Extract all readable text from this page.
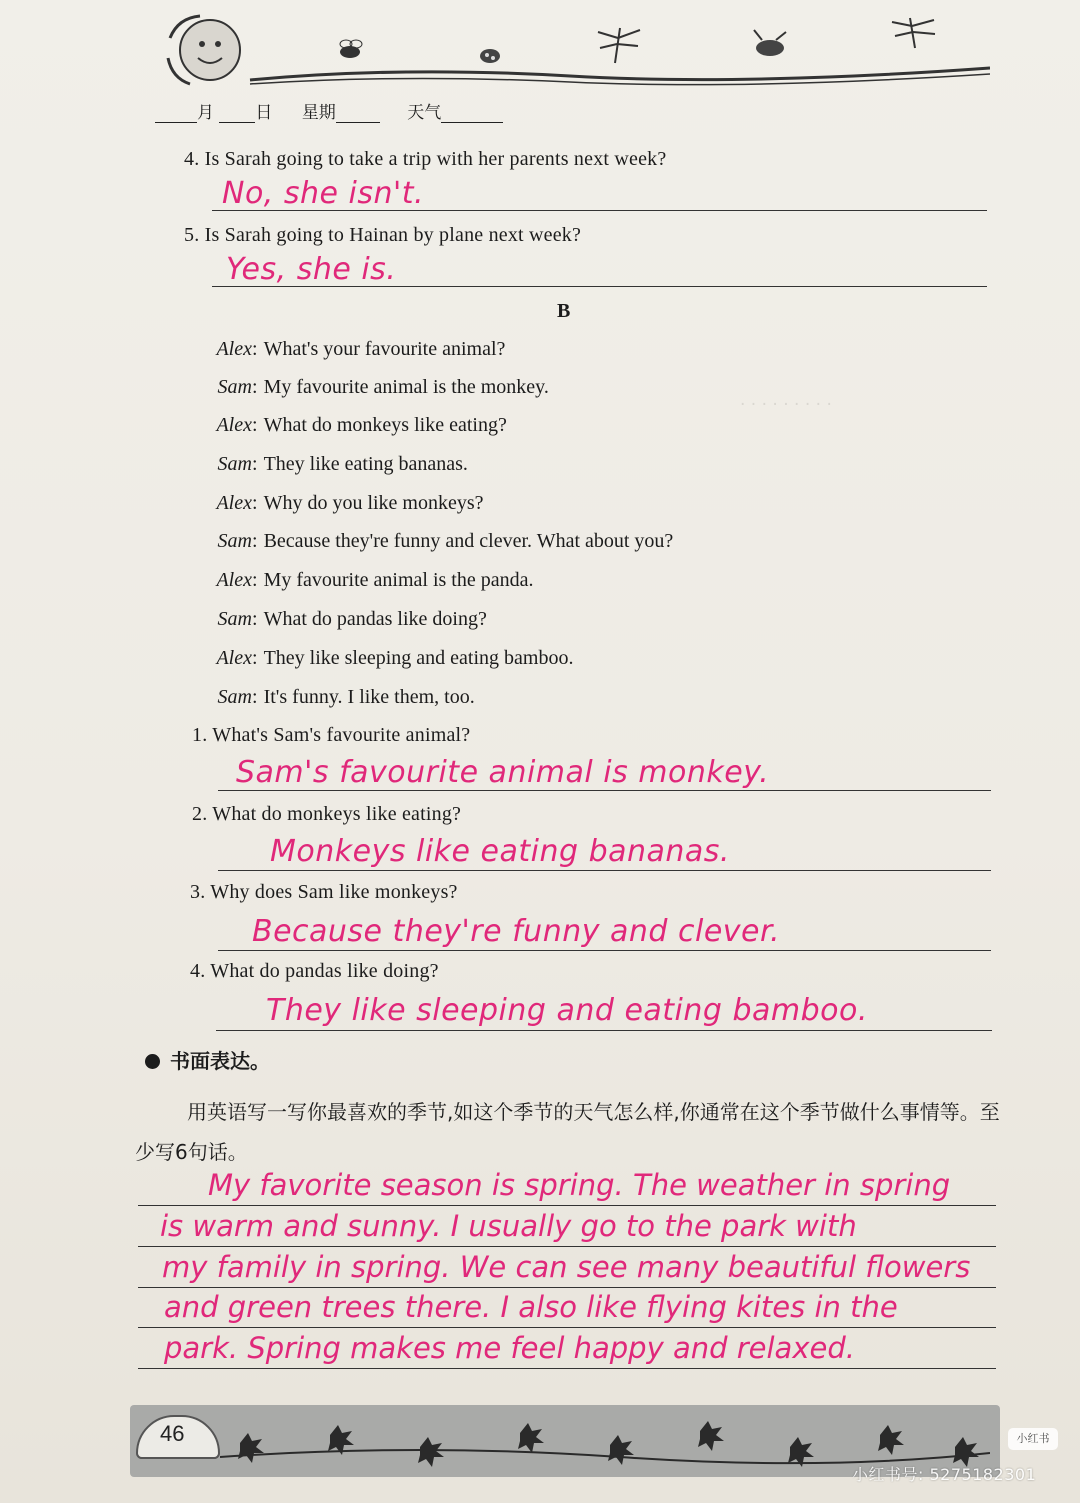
月 日 星期	天气
· · · · · · · · ·
4. Is Sarah going to take a trip with her parents next week?
No, she isn't.
5. Is Sarah going to Hainan by plane next week?
Yes, she is.
B
Alex: What's your favourite animal?
Sam: My favourite animal is the monkey.
Alex: What do monkeys like eating?
Sam: They like eating bananas.
Alex: Why do you like monkeys?
Sam: Because they're funny and clever. What about you?
Alex: My favourite animal is the panda.
Sam: What do pandas like doing?
Alex: They like sleeping and eating bamboo.
Sam: It's funny. I like them, too.
1. What's Sam's favourite animal?
Sam's favourite animal is monkey.
2. What do monkeys like eating?
Monkeys like eating bananas.
3. Why does Sam like monkeys?
Because they're funny and clever.
4. What do pandas like doing?
They like sleeping and eating bamboo.
书面表达。
用英语写一写你最喜欢的季节,如这个季节的天气怎么样,你通常在这个季节做什么事情等。至少写6句话。
My favorite season is spring. The weather in spring
is warm and sunny. I usually go to the park with
my family in spring. We can see many beautiful flowers
and green trees there. I also like flying kites in the
park. Spring makes me feel happy and relaxed.
46	小红书
小红书号: 5275182301
